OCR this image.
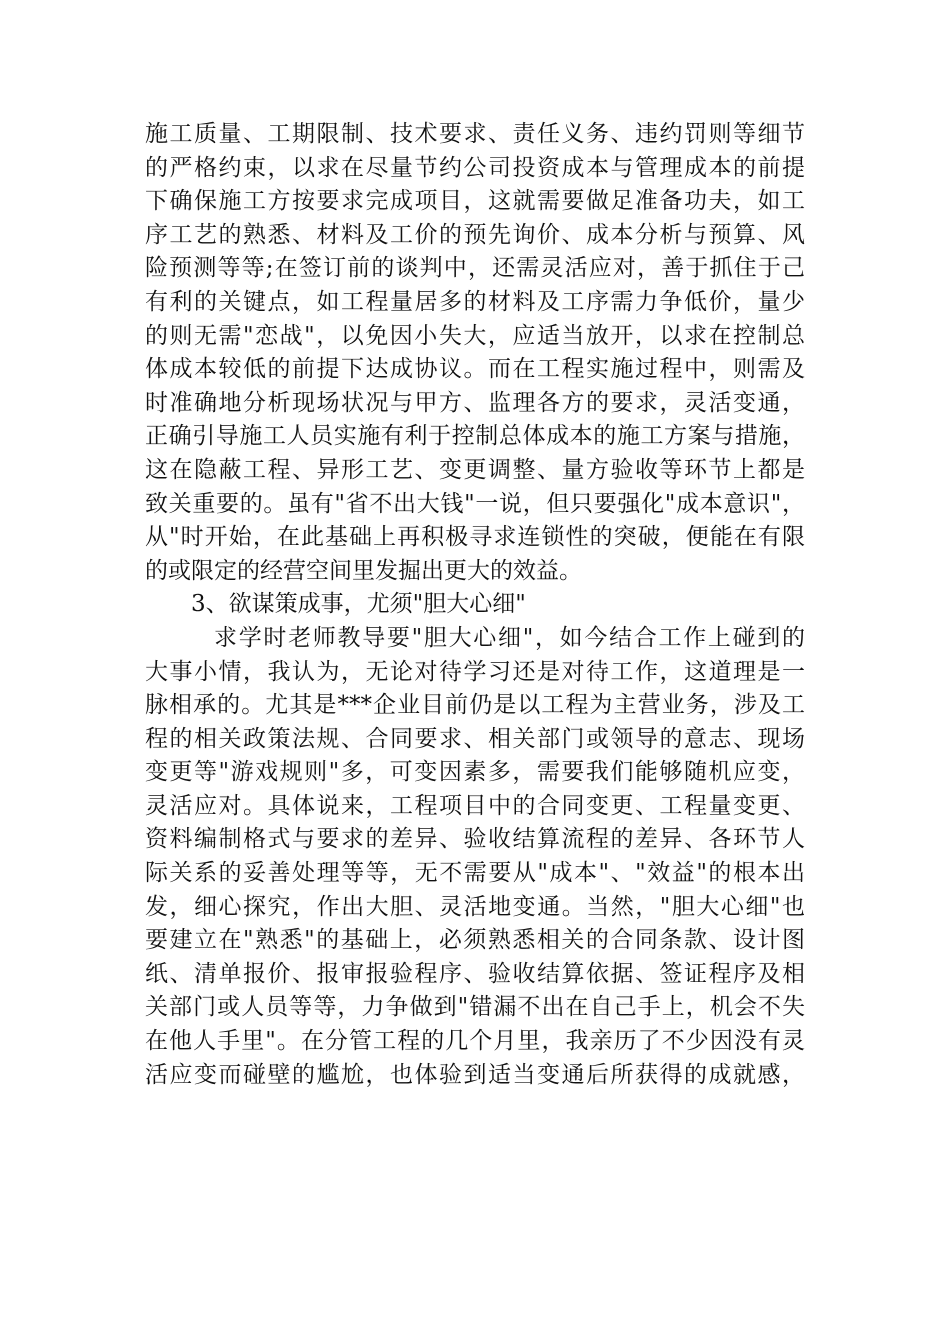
施工质量、工期限制、技术要求、责任义务、违约罚则等细节
的严格约束，以求在尽量节约公司投资成本与管理成本的前提
下确保施工方按要求完成项目，这就需要做足准备功夫，如工
序工艺的熟悉、材料及工价的预先询价、成本分析与预算、风
险预测等等;在签订前的谈判中，还需灵活应对，善于抓住于己
有利的关键点，如工程量居多的材料及工序需力争低价，量少
的则无需"恋战"，以免因小失大，应适当放开，以求在控制总
体成本较低的前提下达成协议。而在工程实施过程中，则需及
时准确地分析现场状况与甲方、监理各方的要求，灵活变通，
正确引导施工人员实施有利于控制总体成本的施工方案与措施，
这在隐蔽工程、异形工艺、变更调整、量方验收等环节上都是
致关重要的。虽有"省不出大钱"一说，但只要强化"成本意识"，
从"时开始，在此基础上再积极寻求连锁性的突破，便能在有限
的或限定的经营空间里发掘出更大的效益。
3、欲谋策成事，尤须"胆大心细"
求学时老师教导要"胆大心细"，如今结合工作上碰到的
大事小情，我认为，无论对待学习还是对待工作，这道理是一
脉相承的。尤其是***企业目前仍是以工程为主营业务，涉及工
程的相关政策法规、合同要求、相关部门或领导的意志、现场
变更等"游戏规则"多，可变因素多，需要我们能够随机应变，
灵活应对。具体说来，工程项目中的合同变更、工程量变更、
资料编制格式与要求的差异、验收结算流程的差异、各环节人
际关系的妥善处理等等，无不需要从"成本"、"效益"的根本出
发，细心探究，作出大胆、灵活地变通。当然，"胆大心细"也
要建立在"熟悉"的基础上，必须熟悉相关的合同条款、设计图
纸、清单报价、报审报验程序、验收结算依据、签证程序及相
关部门或人员等等，力争做到"错漏不出在自己手上，机会不失
在他人手里"。在分管工程的几个月里，我亲历了不少因没有灵
活应变而碰壁的尴尬，也体验到适当变通后所获得的成就感，
